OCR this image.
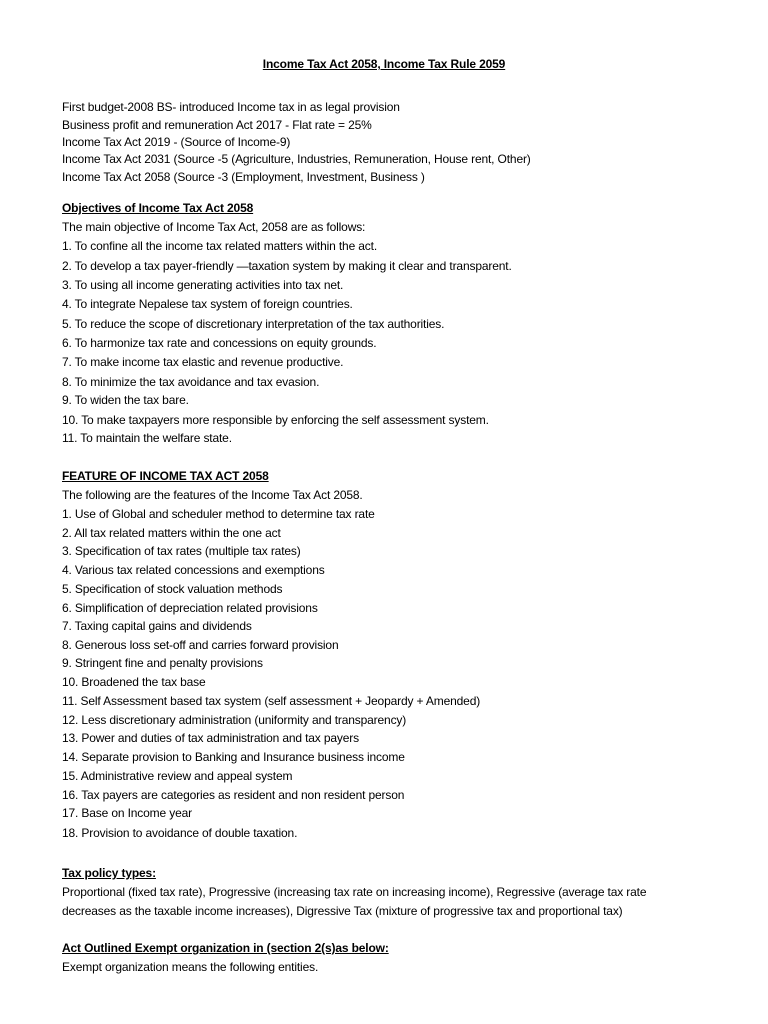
Income Tax Act 2058, Income Tax Rule 2059
First budget-2008 BS- introduced Income tax in as legal provision
Business profit and remuneration Act 2017 - Flat rate = 25%
Income Tax Act 2019 - (Source of Income-9)
Income Tax Act 2031 (Source -5 (Agriculture, Industries, Remuneration, House rent, Other)
Income Tax Act 2058 (Source -3 (Employment, Investment, Business )
Objectives of Income Tax Act 2058
The main objective of Income Tax Act, 2058 are as follows:
1. To confine all the income tax related matters within the act.
2. To develop a tax payer-friendly —taxation system by making it clear and transparent.
3. To using all income generating activities into tax net.
4. To integrate Nepalese tax system of foreign countries.
5. To reduce the scope of discretionary interpretation of the tax authorities.
6. To harmonize tax rate and concessions on equity grounds.
7. To make income tax elastic and revenue productive.
8. To minimize the tax avoidance and tax evasion.
9. To widen the tax bare.
10. To make taxpayers more responsible by enforcing the self assessment system.
11. To maintain the welfare state.
FEATURE OF INCOME TAX ACT 2058
The following are the features of the Income Tax Act 2058.
1. Use of Global and scheduler method to determine tax rate
2. All tax related matters within the one act
3. Specification of tax rates (multiple tax rates)
4. Various tax related concessions and exemptions
5. Specification of stock valuation methods
6. Simplification of depreciation related provisions
7. Taxing capital gains and dividends
8. Generous loss set-off and carries forward provision
9. Stringent fine and penalty provisions
10. Broadened the tax base
11. Self Assessment based tax system (self assessment + Jeopardy + Amended)
12. Less discretionary administration (uniformity and transparency)
13. Power and duties of tax administration and tax payers
14. Separate provision to Banking and Insurance business income
15. Administrative review and appeal system
16. Tax payers are categories as resident and non resident person
17. Base on Income year
18. Provision to avoidance of double taxation.
Tax policy types:
Proportional (fixed tax rate), Progressive (increasing tax rate on increasing income), Regressive (average tax rate
decreases as the taxable income increases), Digressive Tax (mixture of progressive tax and proportional tax)
Act Outlined Exempt organization in (section 2(s)as below:
Exempt organization means the following entities.
